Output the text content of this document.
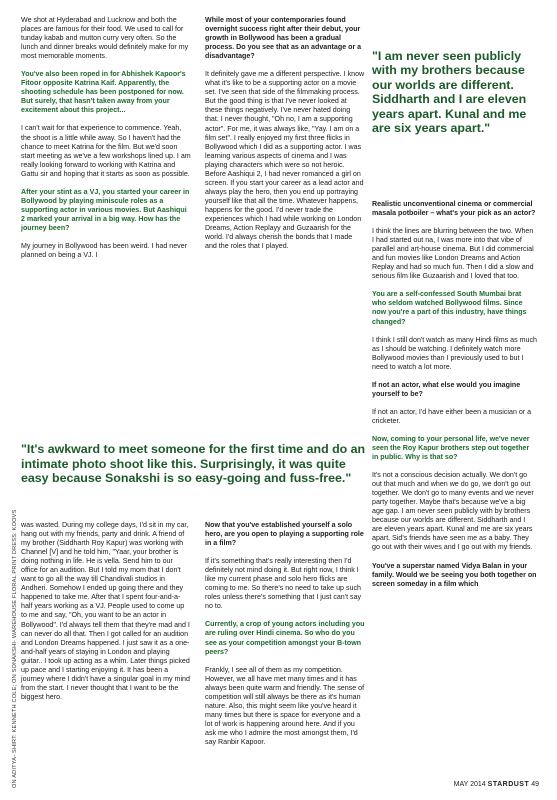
ON ADITYA- SHIRT: KENNETH COLE; ON SONAKSHI- WAREHOUSE FLORAL PRINT DRESS: KOOVS

We shot at Hyderabad and Lucknow and both the places are famous for their food. We used to call for tunday kabab and mutton curry very often. So the lunch and dinner breaks would definitely make for my most memorable moments.

You've also been roped in for Abhishek Kapoor's Fitoor opposite Katrina Kaif. Apparently, the shooting schedule has been postponed for now. But surely, that hasn't taken away from your excitement about this project...

I can't wait for that experience to commence. Yeah, the shoot is a little while away. So I haven't had the chance to meet Katrina for the film. But we'd soon start meeting as we've a few workshops lined up. I am really looking forward to working with Katrina and Gattu sir and hoping that it starts as soon as possible.

After your stint as a VJ, you started your career in Bollywood by playing miniscule roles as a supporting actor in various movies. But Aashiqui 2 marked your arrival in a big way. How has the journey been?

My journey in Bollywood has been weird. I had never planned on being a VJ. I

While most of your contemporaries found overnight success right after their debut, your growth in Bollywood has been a gradual process. Do you see that as an advantage or a disadvantage?

It definitely gave me a different perspective. I know what it's like to be a supporting actor on a movie set. I've seen that side of the filmmaking process. But the good thing is that I've never looked at these things negatively. I've never hated doing that. I never thought, "Oh no, I am a supporting actor". For me, it was always like, "Yay. I am on a film set". I really enjoyed my first three flicks in Bollywood which I did as a supporting actor. I was learning various aspects of cinema and I was playing characters which were so not heroic. Before Aashiqui 2, I had never romanced a girl on screen. If you start your career as a lead actor and always play the hero, then you end up portraying yourself like that all the time. Whatever happens, happens for the good. I'd never trade the experiences which I had while working on London Dreams, Action Replayy and Guzaarish for the world. I'd always cherish the bonds that I made and the roles that I played.

"I am never seen publicly with my brothers because our worlds are different. Siddharth and I are eleven years apart. Kunal and me are six years apart."

Realistic unconventional cinema or commercial masala potboiler – what's your pick as an actor?

I think the lines are blurring between the two. When I had started out na, I was more into that vibe of parallel and art-house cinema. But I did commercial and fun movies like London Dreams and Action Replay and had so much fun. Then I did a slow and serious film like Guzaarish and I loved that too.

You are a self-confessed South Mumbai brat who seldom watched Bollywood films. Since now you're a part of this industry, have things changed?

I think I still don't watch as many Hindi films as much as I should be watching. I definitely watch more Bollywood movies than I previously used to but I need to watch a lot more.

If not an actor, what else would you imagine yourself to be?

If not an actor, I'd have either been a musician or a cricketer.

Now, coming to your personal life, we've never seen the Roy Kapur brothers step out together in public. Why is that so?

It's not a conscious decision actually. We don't go out that much and when we do go, we don't go out together. We don't go to many events and we never party together. Maybe that's because we've a big age gap. I am never seen publicly with by brothers because our worlds are different. Siddharth and I are eleven years apart. Kunal and me are six years apart. Sid's friends have seen me as a baby. They go out with their wives and I go out with my friends.

You've a superstar named Vidya Balan in your family. Would we be seeing you both together on screen someday in a film which

"It's awkward to meet someone for the first time and do an intimate photo shoot like this. Surprisingly, it was quite easy because Sonakshi is so easy-going and fuss-free."

was wasted. During my college days, I'd sit in my car, hang out with my friends, party and drink. A friend of my brother (Siddharth Roy Kapur) was working with Channel [V] and he told him, "Yaar, your brother is doing nothing in life. He is vella. Send him to our office for an audition. But I told my mom that I don't want to go all the way till Chandivali studios in Andheri. Somehow I ended up going there and they happened to take me. After that I spent four-and-a-half years working as a VJ. People used to come up to me and say, "Oh, you want to be an actor in Bollywood". I'd always tell them that they're mad and I can never do all that. Then I got called for an audition and London Dreams happened. I just saw it as a one-and-half years of staying in London and playing guitar.. I took up acting as a whim. Later things picked up pace and I starting enjoying it. It has been a journey where I didn't have a singular goal in my mind from the start. I never thought that I want to be the biggest hero.

Now that you've established yourself a solo hero, are you open to playing a supporting role in a film?

If it's something that's really interesting then I'd definitely not mind doing it. But right now, I think I like my current phase and solo hero flicks are coming to me. So there's no need to take up such roles unless there's something that I just can't say no to.

Currently, a crop of young actors including you are ruling over Hindi cinema. So who do you see as your competition amongst your B-town peers?

Frankly, I see all of them as my competition. However, we all have met many times and it has always been quite warm and friendly. The sense of competition will still always be there as it's human nature. Also, this might seem like you've heard it many times but there is space for everyone and a lot of work is happening around here. And if you ask me who I admire the most amongst them, I'd say Ranbir Kapoor.

MAY 2014 STARDUST 49
